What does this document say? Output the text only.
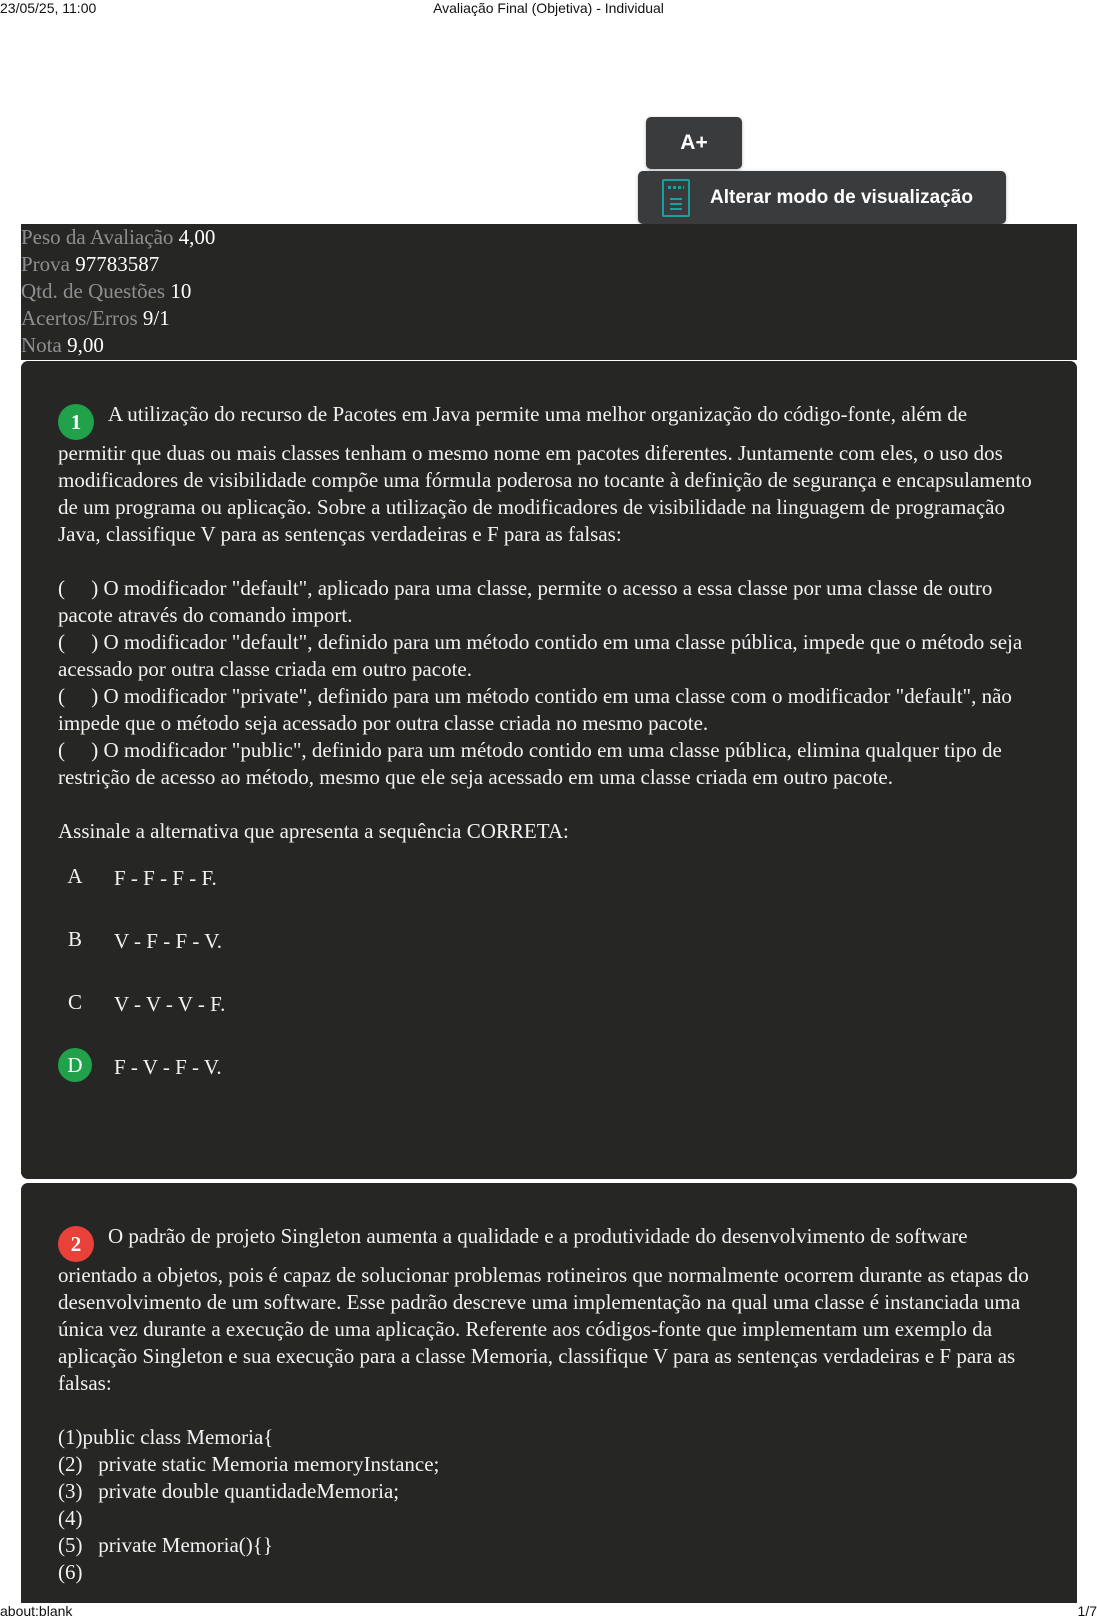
23/05/25, 11:00	Avaliação Final (Objetiva) - Individual
A+
Alterar modo de visualização
Peso da Avaliação 4,00
Prova 97783587
Qtd. de Questões 10
Acertos/Erros 9/1
Nota 9,00

1 A utilização do recurso de Pacotes em Java permite uma melhor organização do código-fonte, além de permitir que duas ou mais classes tenham o mesmo nome em pacotes diferentes. Juntamente com eles, o uso dos modificadores de visibilidade compõe uma fórmula poderosa no tocante à definição de segurança e encapsulamento de um programa ou aplicação. Sobre a utilização de modificadores de visibilidade na linguagem de programação Java, classifique V para as sentenças verdadeiras e F para as falsas:

(     ) O modificador "default", aplicado para uma classe, permite o acesso a essa classe por uma classe de outro pacote através do comando import.

(     ) O modificador "default", definido para um método contido em uma classe pública, impede que o método seja acessado por outra classe criada em outro pacote.

(     ) O modificador "private", definido para um método contido em uma classe com o modificador "default", não impede que o método seja acessado por outra classe criada no mesmo pacote.

(     ) O modificador "public", definido para um método contido em uma classe pública, elimina qualquer tipo de restrição de acesso ao método, mesmo que ele seja acessado em uma classe criada em outro pacote.

Assinale a alternativa que apresenta a sequência CORRETA:

A	F - F - F - F.
B	V - F - F - V.
C	V - V - V - F.
D	F - V - F - V.

2 O padrão de projeto Singleton aumenta a qualidade e a produtividade do desenvolvimento de software orientado a objetos, pois é capaz de solucionar problemas rotineiros que normalmente ocorrem durante as etapas do desenvolvimento de um software. Esse padrão descreve uma implementação na qual uma classe é instanciada uma única vez durante a execução de uma aplicação. Referente aos códigos-fonte que implementam um exemplo da aplicação Singleton e sua execução para a classe Memoria, classifique V para as sentenças verdadeiras e F para as falsas:

(1)public class Memoria{

(2)   private static Memoria memoryInstance;

(3)   private double quantidadeMemoria;

(4)

(5)   private Memoria(){}

(6)

about:blank	1/7
